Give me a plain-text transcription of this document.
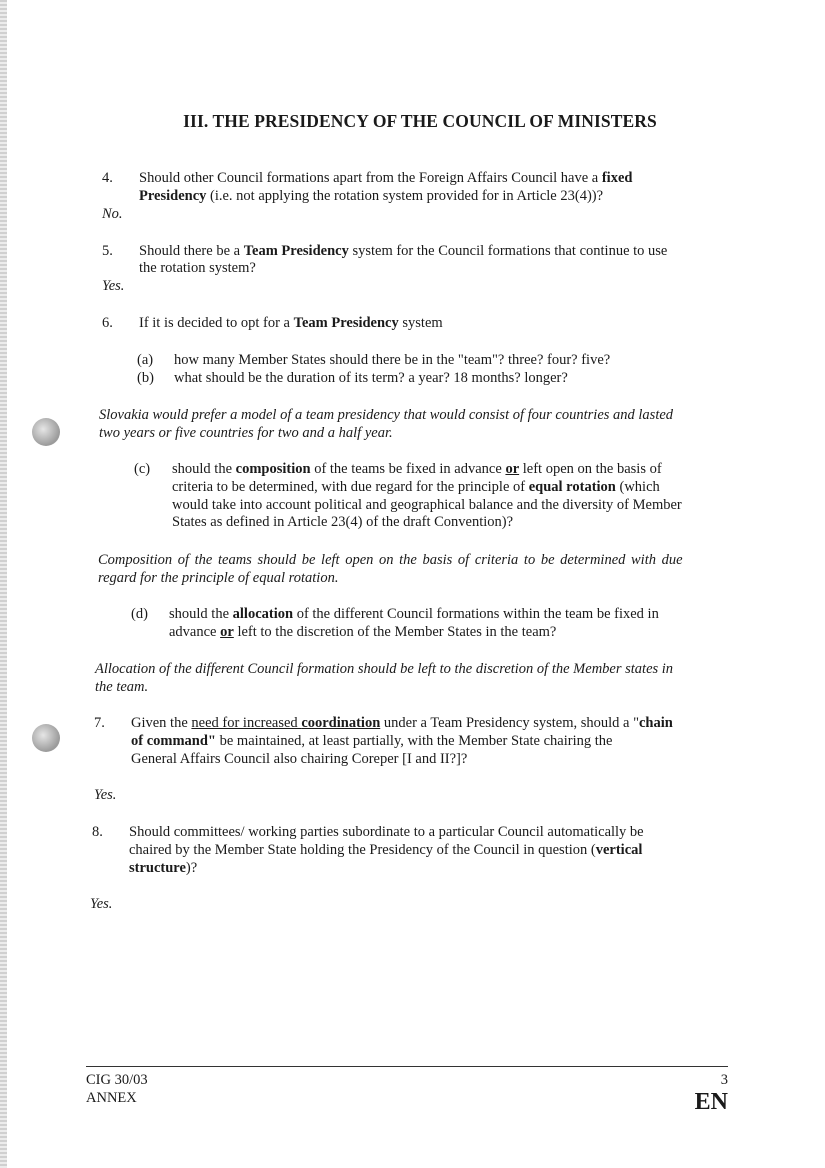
III. THE PRESIDENCY OF THE COUNCIL OF MINISTERS
4. Should other Council formations apart from the Foreign Affairs Council have a fixed
Presidency (i.e. not applying the rotation system provided for in Article 23(4))?
No.
5. Should there be a Team Presidency system for the Council formations that continue to use
the rotation system?
Yes.
6. If it is decided to opt for a Team Presidency system
(a) how many Member States should there be in the "team"? three? four? five?
(b) what should be the duration of its term? a year? 18 months? longer?
Slovakia would prefer a model of a team presidency that would consist of four countries and lasted
two years or five countries for two and a half year.
(c) should the composition of the teams be fixed in advance or left open on the basis of
criteria to be determined, with due regard for the principle of equal rotation (which
would take into account political and geographical balance and the diversity of Member
States as defined in Article 23(4) of the draft Convention)?
Composition of the teams should be left open on the basis of criteria to be determined with due
regard for the principle of equal rotation.
(d) should the allocation of the different Council formations within the team be fixed in
advance or left to the discretion of the Member States in the team?
Allocation of the different Council formation should be left to the discretion of the Member states in
the team.
7. Given the need for increased coordination under a Team Presidency system, should a "chain
of command" be maintained, at least partially, with the Member State chairing the
General Affairs Council also chairing Coreper [I and II?]?
Yes.
8. Should committees/ working parties subordinate to a particular Council automatically be
chaired by the Member State holding the Presidency of the Council in question (vertical
structure)?
Yes.
CIG 30/03
ANNEX
3
EN
